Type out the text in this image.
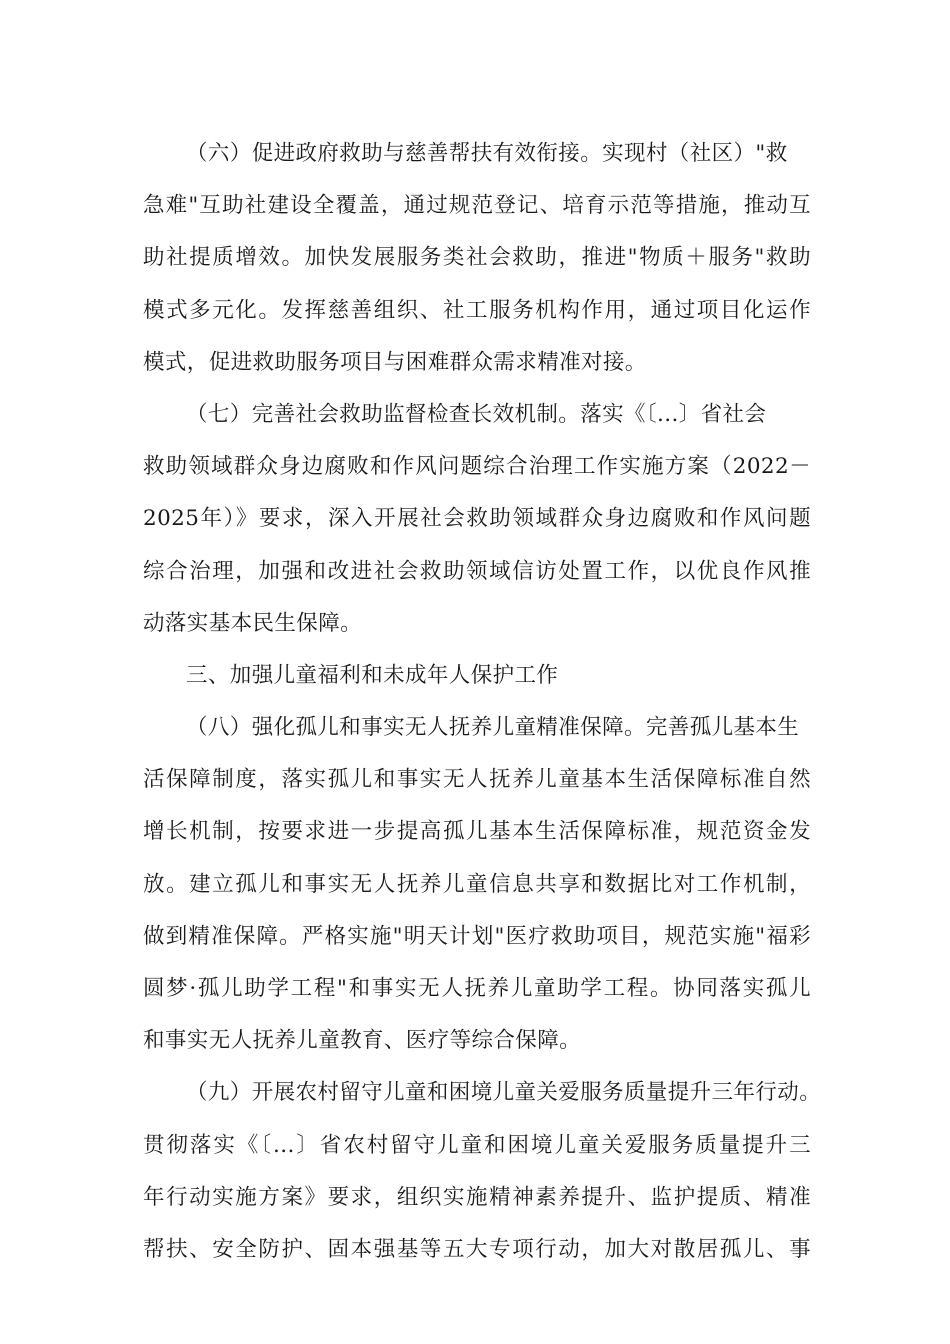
（六）促进政府救助与慈善帮扶有效衔接。实现村（社区）"救
急难"互助社建设全覆盖，通过规范登记、培育示范等措施，推动互
助社提质增效。加快发展服务类社会救助，推进"物质＋服务"救助
模式多元化。发挥慈善组织、社工服务机构作用，通过项目化运作
模式，促进救助服务项目与困难群众需求精准对接。
（七）完善社会救助监督检查长效机制。落实《〔...〕省社会
救助领域群众身边腐败和作风问题综合治理工作实施方案（2022－
2025年）》要求，深入开展社会救助领域群众身边腐败和作风问题
综合治理，加强和改进社会救助领域信访处置工作，以优良作风推
动落实基本民生保障。
三、加强儿童福利和未成年人保护工作
（八）强化孤儿和事实无人抚养儿童精准保障。完善孤儿基本生
活保障制度，落实孤儿和事实无人抚养儿童基本生活保障标准自然
增长机制，按要求进一步提高孤儿基本生活保障标准，规范资金发
放。建立孤儿和事实无人抚养儿童信息共享和数据比对工作机制，
做到精准保障。严格实施"明天计划"医疗救助项目，规范实施"福彩
圆梦·孤儿助学工程"和事实无人抚养儿童助学工程。协同落实孤儿
和事实无人抚养儿童教育、医疗等综合保障。
（九）开展农村留守儿童和困境儿童关爱服务质量提升三年行动。
贯彻落实《〔...〕省农村留守儿童和困境儿童关爱服务质量提升三
年行动实施方案》要求，组织实施精神素养提升、监护提质、精准
帮扶、安全防护、固本强基等五大专项行动，加大对散居孤儿、事
